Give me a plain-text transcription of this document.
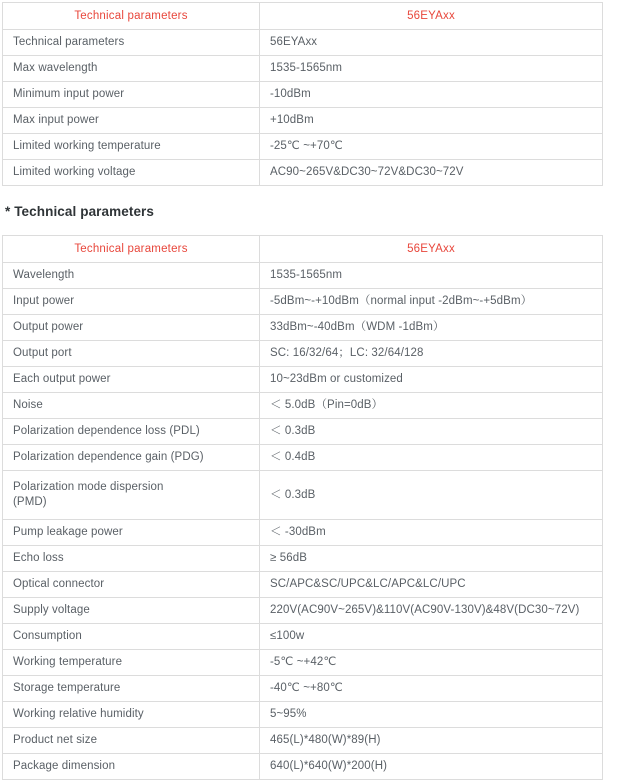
Technical parameters	56EYAxx
Technical parameters	56EYAxx
Max wavelength	1535-1565nm
Minimum input power	-10dBm
Max input power	+10dBm
Limited working temperature	-25℃ ~+70℃
Limited working voltage	AC90~265V&DC30~72V&DC30~72V
* Technical parameters
Technical parameters	56EYAxx
Wavelength	1535-1565nm
Input power	-5dBm~-+10dBm（normal input -2dBm~-+5dBm）
Output power	33dBm~-40dBm（WDM -1dBm）
Output port	SC: 16/32/64；LC: 32/64/128
Each output power	10~23dBm or customized
Noise	＜ 5.0dB（Pin=0dB）
Polarization dependence loss (PDL)	＜ 0.3dB
Polarization dependence gain (PDG)	＜ 0.4dB
Polarization mode dispersion
(PMD)	＜ 0.3dB
Pump leakage power	＜ -30dBm
Echo loss	≥ 56dB
Optical connector	SC/APC&SC/UPC&LC/APC&LC/UPC
Supply voltage	220V(AC90V~265V)&110V(AC90V-130V)&48V(DC30~72V)
Consumption	≤100w
Working temperature	-5℃ ~+42℃
Storage temperature	-40℃ ~+80℃
Working relative humidity	5~95%
Product net size	465(L)*480(W)*89(H)
Package dimension	640(L)*640(W)*200(H)
